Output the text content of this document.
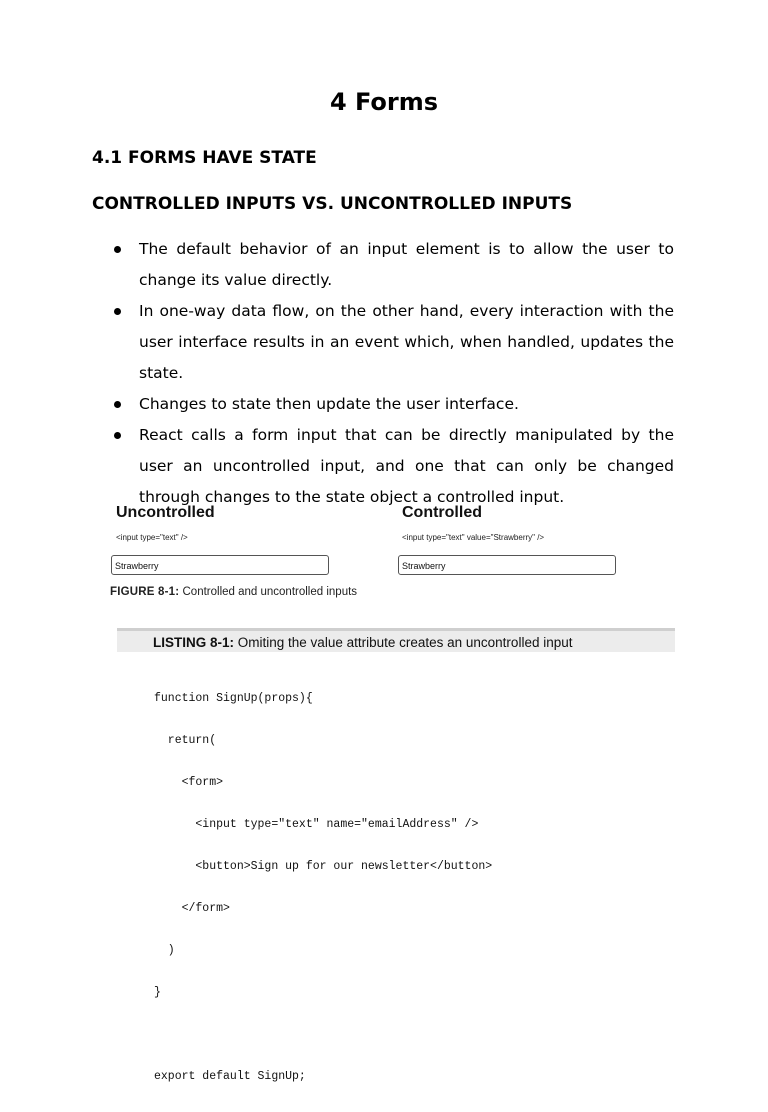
4 Forms
4.1 FORMS HAVE STATE
CONTROLLED INPUTS VS. UNCONTROLLED INPUTS
The default behavior of an input element is to allow the user to change its value directly.
In one-way data flow, on the other hand, every interaction with the user interface results in an event which, when handled, updates the state.
Changes to state then update the user interface.
React calls a form input that can be directly manipulated by the user an uncontrolled input, and one that can only be changed through changes to the state object a controlled input.
Uncontrolled
<input type="text" />
Strawberry
Controlled
<input type="text" value="Strawberry" />
Strawberry
FIGURE 8-1: Controlled and uncontrolled inputs
LISTING 8-1: Omiting the value attribute creates an uncontrolled input

function SignUp(props){

return(

<form>

<input type="text" name="emailAddress" />

<button>Sign up for our newsletter</button>

</form>

)

}

export default SignUp;
